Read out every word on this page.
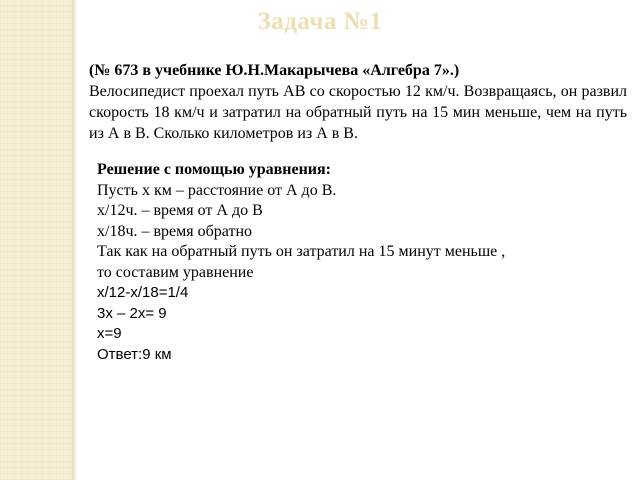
Задача №1
(№ 673 в учебнике Ю.Н.Макарычева «Алгебра 7».)
Велосипедист проехал путь АВ со скоростью 12 км/ч. Возвращаясь, он развил скорость 18 км/ч и затратил на обратный путь на 15 мин меньше, чем на путь из А в В. Сколько километров из А в В.
Решение с помощью уравнения:
Пусть х км – расстояние от А до В.
х/12ч. – время от А до В
х/18ч. – время обратно
Так как на обратный путь он затратил на 15 минут меньше ,
то составим уравнение
x/12-x/18=1/4
3x – 2x= 9
x=9
Ответ:9 км
